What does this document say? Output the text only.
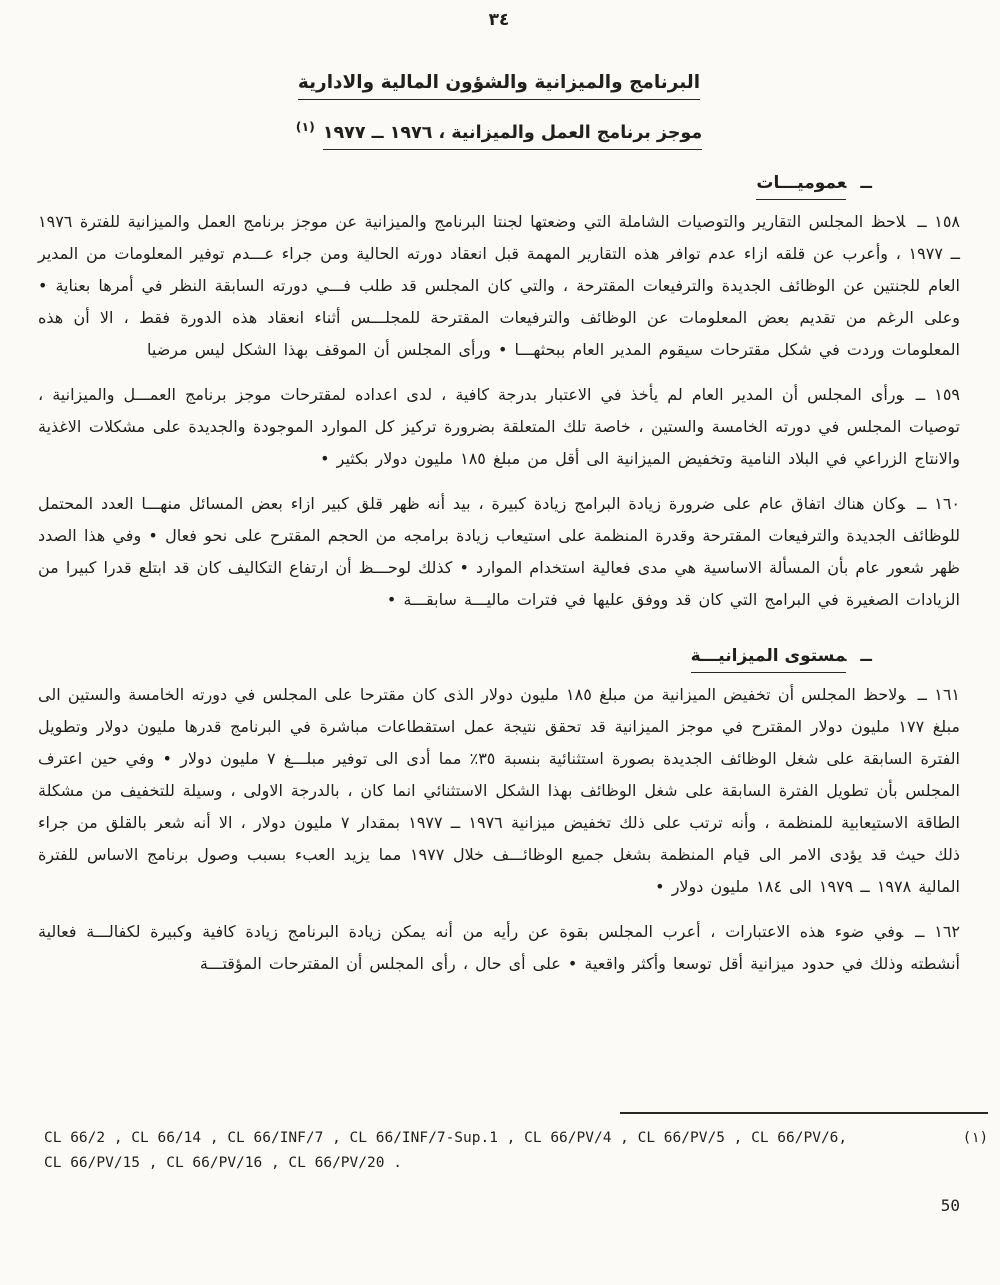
٣٤
البرنامج والميزانية والشؤون المالية والادارية
موجز برنامج العمل والميزانية ، ١٩٧٦ ــ ١٩٧٧$^{(١)}$
ــعموميـــات

١٥٨ ــلاحظ المجلس التقارير والتوصيات الشاملة التي وضعتها لجنتا البرنامج والميزانية عن موجز برنامج العمل والميزانية للفترة ١٩٧٦ ــ ١٩٧٧ ، وأعرب عن قلقه ازاء عدم توافر هذه التقارير المهمة قبل انعقاد دورته الحالية ومن جراء عـــدم توفير المعلومات من المدير العام للجنتين عن الوظائف الجديدة والترفيعات المقترحة ، والتي كان المجلس قد طلب فـــي دورته السابقة النظر في أمرها بعناية • وعلى الرغم من تقديم بعض المعلومات عن الوظائف والترفيعات المقترحة للمجلـــس أثناء انعقاد هذه الدورة فقط ، الا أن هذه المعلومات وردت في شكل مقترحات سيقوم المدير العام ببحثهـــا • ورأى المجلس أن الموقف بهذا الشكل ليس مرضيا

١٥٩ ــورأى المجلس أن المدير العام لم يأخذ في الاعتبار بدرجة كافية ، لدى اعداده لمقترحات موجز برنامج العمـــل والميزانية ، توصيات المجلس في دورته الخامسة والستين ، خاصة تلك المتعلقة بضرورة تركيز كل الموارد الموجودة والجديدة على مشكلات الاغذية والانتاج الزراعي في البلاد النامية وتخفيض الميزانية الى أقل من مبلغ ١٨٥ مليون دولار بكثير •

١٦٠ ــوكان هناك اتفاق عام على ضرورة زيادة البرامج زيادة كبيرة ، بيد أنه ظهر قلق كبير ازاء بعض المسائل منهـــا العدد المحتمل للوظائف الجديدة والترفيعات المقترحة وقدرة المنظمة على استيعاب زيادة برامجه من الحجم المقترح على نحو فعال • وفي هذا الصدد ظهر شعور عام بأن المسألة الاساسية هي مدى فعالية استخدام الموارد • كذلك لوحـــظ أن ارتفاع التكاليف كان قد ابتلع قدرا كبيرا من الزيادات الصغيرة في البرامج التي كان قد ووفق عليها في فترات ماليـــة سابقـــة •

ــمستوى الميزانيـــة

١٦١ ــولاحظ المجلس أن تخفيض الميزانية من مبلغ ١٨٥ مليون دولار الذى كان مقترحا على المجلس في دورته الخامسة والستين الى مبلغ ١٧٧ مليون دولار المقترح في موجز الميزانية قد تحقق نتيجة عمل استقطاعات مباشرة في البرنامج قدرها مليون دولار وتطويل الفترة السابقة على شغل الوظائف الجديدة بصورة استثنائية بنسبة ٣٥٪ مما أدى الى توفير مبلـــغ ٧ مليون دولار • وفي حين اعترف المجلس بأن تطويل الفترة السابقة على شغل الوظائف بهذا الشكل الاستثنائي انما كان ، بالدرجة الاولى ، وسيلة للتخفيف من مشكلة الطاقة الاستيعابية للمنظمة ، وأنه ترتب على ذلك تخفيض ميزانية ١٩٧٦ ــ ١٩٧٧ بمقدار ٧ مليون دولار ، الا أنه شعر بالقلق من جراء ذلك حيث قد يؤدى الامر الى قيام المنظمة بشغل جميع الوظائـــف خلال ١٩٧٧ مما يزيد العبء بسبب وصول برنامج الاساس للفترة المالية ١٩٧٨ ــ ١٩٧٩ الى ١٨٤ مليون دولار •

١٦٢ ــوفي ضوء هذه الاعتبارات ، أعرب المجلس بقوة عن رأيه من أنه يمكن زيادة البرنامج زيادة كافية وكبيرة لكفالـــة فعالية أنشطته وذلك في حدود ميزانية أقل توسعا وأكثر واقعية • على أى حال ، رأى المجلس أن المقترحات المؤقتـــة

CL 66/2 , CL 66/14 , CL 66/INF/7 , CL 66/INF/7-Sup.1 , CL 66/PV/4 , CL 66/PV/5 , CL 66/PV/6,	(١)
CL 66/PV/15 , CL 66/PV/16 , CL 66/PV/20 .
50
